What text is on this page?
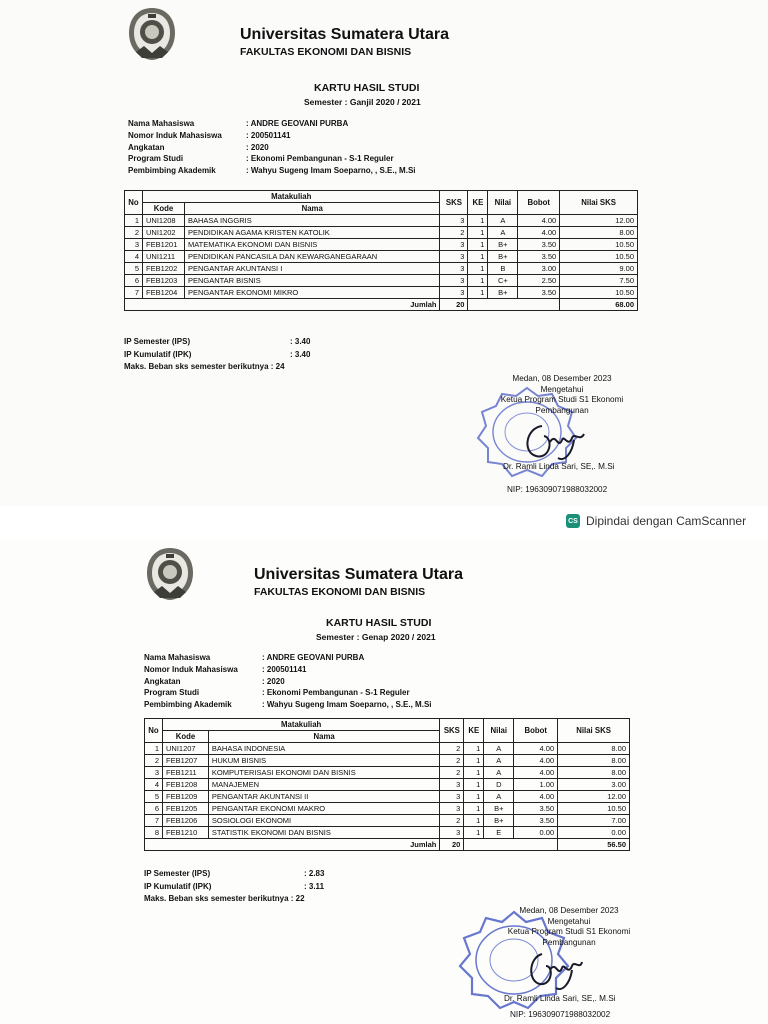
Universitas Sumatera Utara
FAKULTAS EKONOMI DAN BISNIS
KARTU HASIL STUDI
Semester : Ganjil 2020 / 2021
Nama Mahasiswa	: ANDRE GEOVANI PURBA
Nomor Induk Mahasiswa	: 200501141
Angkatan	: 2020
Program Studi	: Ekonomi Pembangunan - S-1 Reguler
Pembimbing Akademik	: Wahyu Sugeng Imam Soeparno, , S.E., M.Si
No	Matakuliah		SKS	KE	Nilai	Bobot	Nilai SKS
	Kode	Nama					
1	UNI1208	BAHASA INGGRIS	3	1	A	4.00	12.00
2	UNI1202	PENDIDIKAN AGAMA KRISTEN KATOLIK	2	1	A	4.00	8.00
3	FEB1201	MATEMATIKA EKONOMI DAN BISNIS	3	1	B+	3.50	10.50
4	UNI1211	PENDIDIKAN PANCASILA DAN KEWARGANEGARAAN	3	1	B+	3.50	10.50
5	FEB1202	PENGANTAR AKUNTANSI I	3	1	B	3.00	9.00
6	FEB1203	PENGANTAR BISNIS	3	1	C+	2.50	7.50
7	FEB1204	PENGANTAR EKONOMI MIKRO	3	1	B+	3.50	10.50
Jumlah			20				68.00
IP Semester (IPS)	: 3.40
IP Kumulatif (IPK)	: 3.40
Maks. Beban sks semester berikutnya
: 24
Medan, 08 Desember 2023
Mengetahui
Ketua Program Studi S1 Ekonomi
Pembangunan
Dr. Ramli Linda Sari, SE,. M.Si
NIP: 196309071988032002
CS Dipindai dengan CamScanner
Universitas Sumatera Utara
FAKULTAS EKONOMI DAN BISNIS
KARTU HASIL STUDI
Semester : Genap 2020 / 2021
Nama Mahasiswa	: ANDRE GEOVANI PURBA
Nomor Induk Mahasiswa	: 200501141
Angkatan	: 2020
Program Studi	: Ekonomi Pembangunan - S-1 Reguler
Pembimbing Akademik	: Wahyu Sugeng Imam Soeparno, , S.E., M.Si
No	Matakuliah		SKS	KE	Nilai	Bobot	Nilai SKS
	Kode	Nama					
1	UNI1207	BAHASA INDONESIA	2	1	A	4.00	8.00
2	FEB1207	HUKUM BISNIS	2	1	A	4.00	8.00
3	FEB1211	KOMPUTERISASI EKONOMI DAN BISNIS	2	1	A	4.00	8.00
4	FEB1208	MANAJEMEN	3	1	D	1.00	3.00
5	FEB1209	PENGANTAR AKUNTANSI II	3	1	A	4.00	12.00
6	FEB1205	PENGANTAR EKONOMI MAKRO	3	1	B+	3.50	10.50
7	FEB1206	SOSIOLOGI EKONOMI	2	1	B+	3.50	7.00
8	FEB1210	STATISTIK EKONOMI DAN BISNIS	3	1	E	0.00	0.00
Jumlah			20				56.50
IP Semester (IPS)	: 2.83
IP Kumulatif (IPK)	: 3.11
Maks. Beban sks semester berikutnya
: 22
Medan, 08 Desember 2023
Mengetahui
Ketua Program Studi S1 Ekonomi
Pembangunan
Dr. Ramli Linda Sari, SE,. M.Si
NIP: 196309071988032002
